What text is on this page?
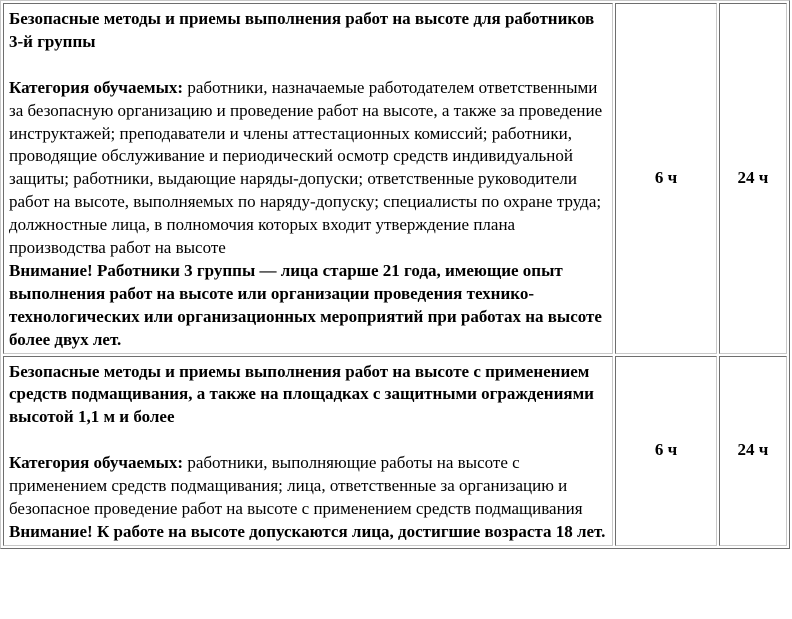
Безопасные методы и приемы выполнения работ на высоте для работников 3-й группы
Категория обучаемых: работники, назначаемые работодателем ответственными за безопасную организацию и проведение работ на высоте, а также за проведение инструктажей; преподаватели и члены аттестационных комиссий; работники, проводящие обслуживание и периодический осмотр средств индивидуальной защиты; работники, выдающие наряды-допуски; ответственные руководители работ на высоте, выполняемых по наряду-допуску; специалисты по охране труда; должностные лица, в полномочия которых входит утверждение плана производства работ на высоте
Внимание! Работники 3 группы — лица старше 21 года, имеющие опыт выполнения работ на высоте или организации проведения технико-технологических или организационных мероприятий при работах на высоте более двух лет.	6 ч	24 ч

Безопасные методы и приемы выполнения работ на высоте с применением средств подмащивания, а также на площадках с защитными ограждениями высотой 1,1 м и более
Категория обучаемых: работники, выполняющие работы на высоте с применением средств подмащивания; лица, ответственные за организацию и безопасное проведение работ на высоте с применением средств подмащивания
Внимание! К работе на высоте допускаются лица, достигшие возраста 18 лет.	6 ч	24 ч
